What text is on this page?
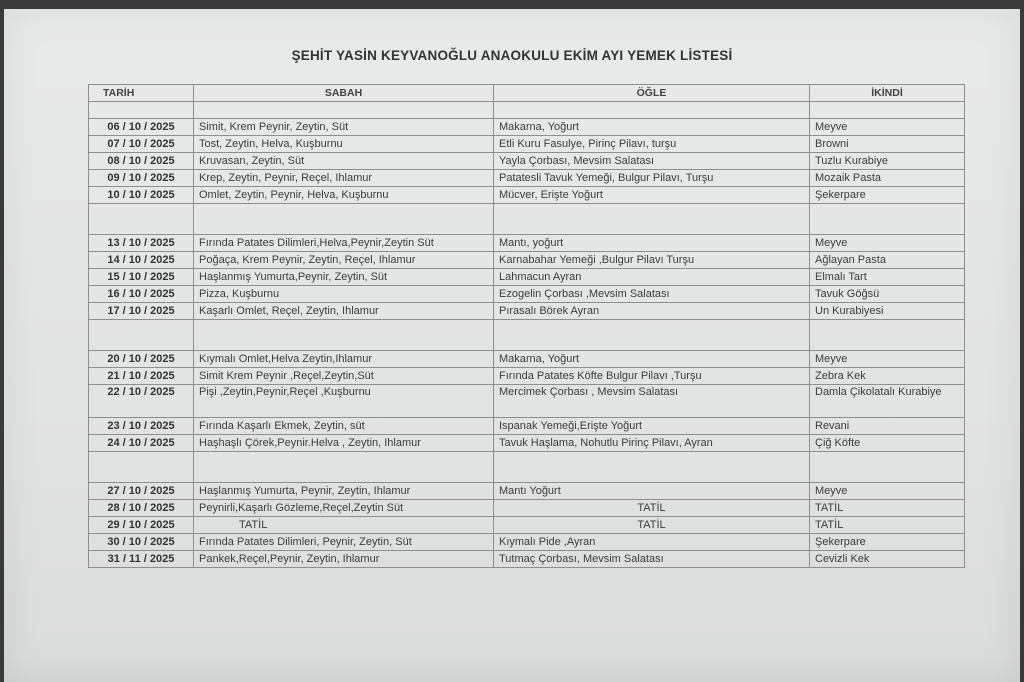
ŞEHİT YASİN KEYVANOĞLU ANAOKULU EKİM AYI YEMEK LİSTESİ
TARİH	SABAH	ÖĞLE	İKİNDİ

06 / 10 / 2025	Simit, Krem Peynir, Zeytin, Süt	Makarna, Yoğurt	Meyve
07 / 10 / 2025	Tost, Zeytin, Helva, Kuşburnu	Etli Kuru Fasulye, Pirinç Pilavı, turşu	Browni
08 / 10 / 2025	Kruvasan, Zeytin, Süt	Yayla Çorbası, Mevsim Salatası	Tuzlu Kurabiye
09 / 10 / 2025	Krep, Zeytin, Peynir, Reçel, Ihlamur	Patatesli Tavuk Yemeği, Bulgur Pilavı, Turşu	Mozaik Pasta
10 / 10 / 2025	Omlet, Zeytin, Peynir, Helva, Kuşburnu	Mücver, Erişte Yoğurt	Şekerpare

13 / 10 / 2025	Fırında Patates Dilimleri,Helva,Peynir,Zeytin Süt	Mantı, yoğurt	Meyve
14 / 10 / 2025	Poğaça, Krem Peynir, Zeytin, Reçel, Ihlamur	Karnabahar Yemeği ,Bulgur Pilavı Turşu	Ağlayan Pasta
15 / 10 / 2025	Haşlanmış Yumurta,Peynir, Zeytin, Süt	Lahmacun Ayran	Elmalı Tart
16 / 10 / 2025	Pizza, Kuşburnu	Ezogelin Çorbası ,Mevsim Salatası	Tavuk Göğsü
17 / 10 / 2025	Kaşarlı Omlet, Reçel, Zeytin, Ihlamur	Pırasalı Börek Ayran	Un Kurabiyesi

20 / 10 / 2025	Kıymalı Omlet,Helva Zeytin,Ihlamur	Makarna, Yoğurt	Meyve
21 / 10 / 2025	Simit Krem Peynir ,Reçel,Zeytin,Süt	Fırında Patates Köfte Bulgur Pilavı ,Turşu	Zebra Kek
22 / 10 / 2025	Pişi ,Zeytin,Peynir,Reçel ,Kuşburnu	Mercimek Çorbası , Mevsim Salatası	Damla Çikolatalı Kurabiye
23 / 10 / 2025	Fırında Kaşarlı Ekmek, Zeytin, süt	Ispanak Yemeği,Erişte Yoğurt	Revani
24 / 10 / 2025	Haşhaşlı Çörek,Peynir.Helva , Zeytin, Ihlamur	Tavuk Haşlama, Nohutlu Pirinç Pilavı, Ayran	Çiğ Köfte

27 / 10 / 2025	Haşlanmış Yumurta, Peynir, Zeytin, Ihlamur	Mantı Yoğurt	Meyve
28 / 10 / 2025	Peynirli,Kaşarlı Gözleme,Reçel,Zeytin Süt	TATİL	TATİL
29 / 10 / 2025	TATİL	TATİL	TATİL
30 / 10 / 2025	Fırında Patates Dilimleri, Peynir, Zeytin, Süt	Kıymalı Pide ,Ayran	Şekerpare
31 / 11 / 2025	Pankek,Reçel,Peynir, Zeytin, Ihlamur	Tutmaç Çorbası, Mevsim Salatası	Cevizli Kek
